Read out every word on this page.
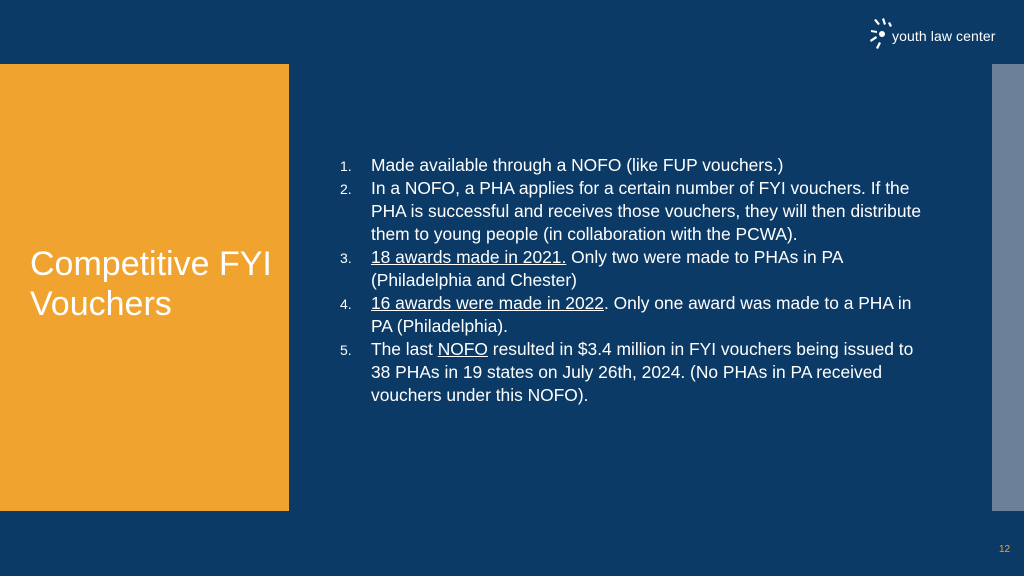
youth law center
Competitive FYI Vouchers
1. Made available through a NOFO (like FUP vouchers.)
2. In a NOFO, a PHA applies for a certain number of FYI vouchers. If the PHA is successful and receives those vouchers, they will then distribute them to young people (in collaboration with the PCWA).
3. 18 awards made in 2021. Only two were made to PHAs in PA (Philadelphia and Chester)
4. 16 awards were made in 2022. Only one award was made to a PHA in PA (Philadelphia).
5. The last NOFO resulted in $3.4 million in FYI vouchers being issued to 38 PHAs in 19 states on July 26th, 2024. (No PHAs in PA received vouchers under this NOFO).
12
